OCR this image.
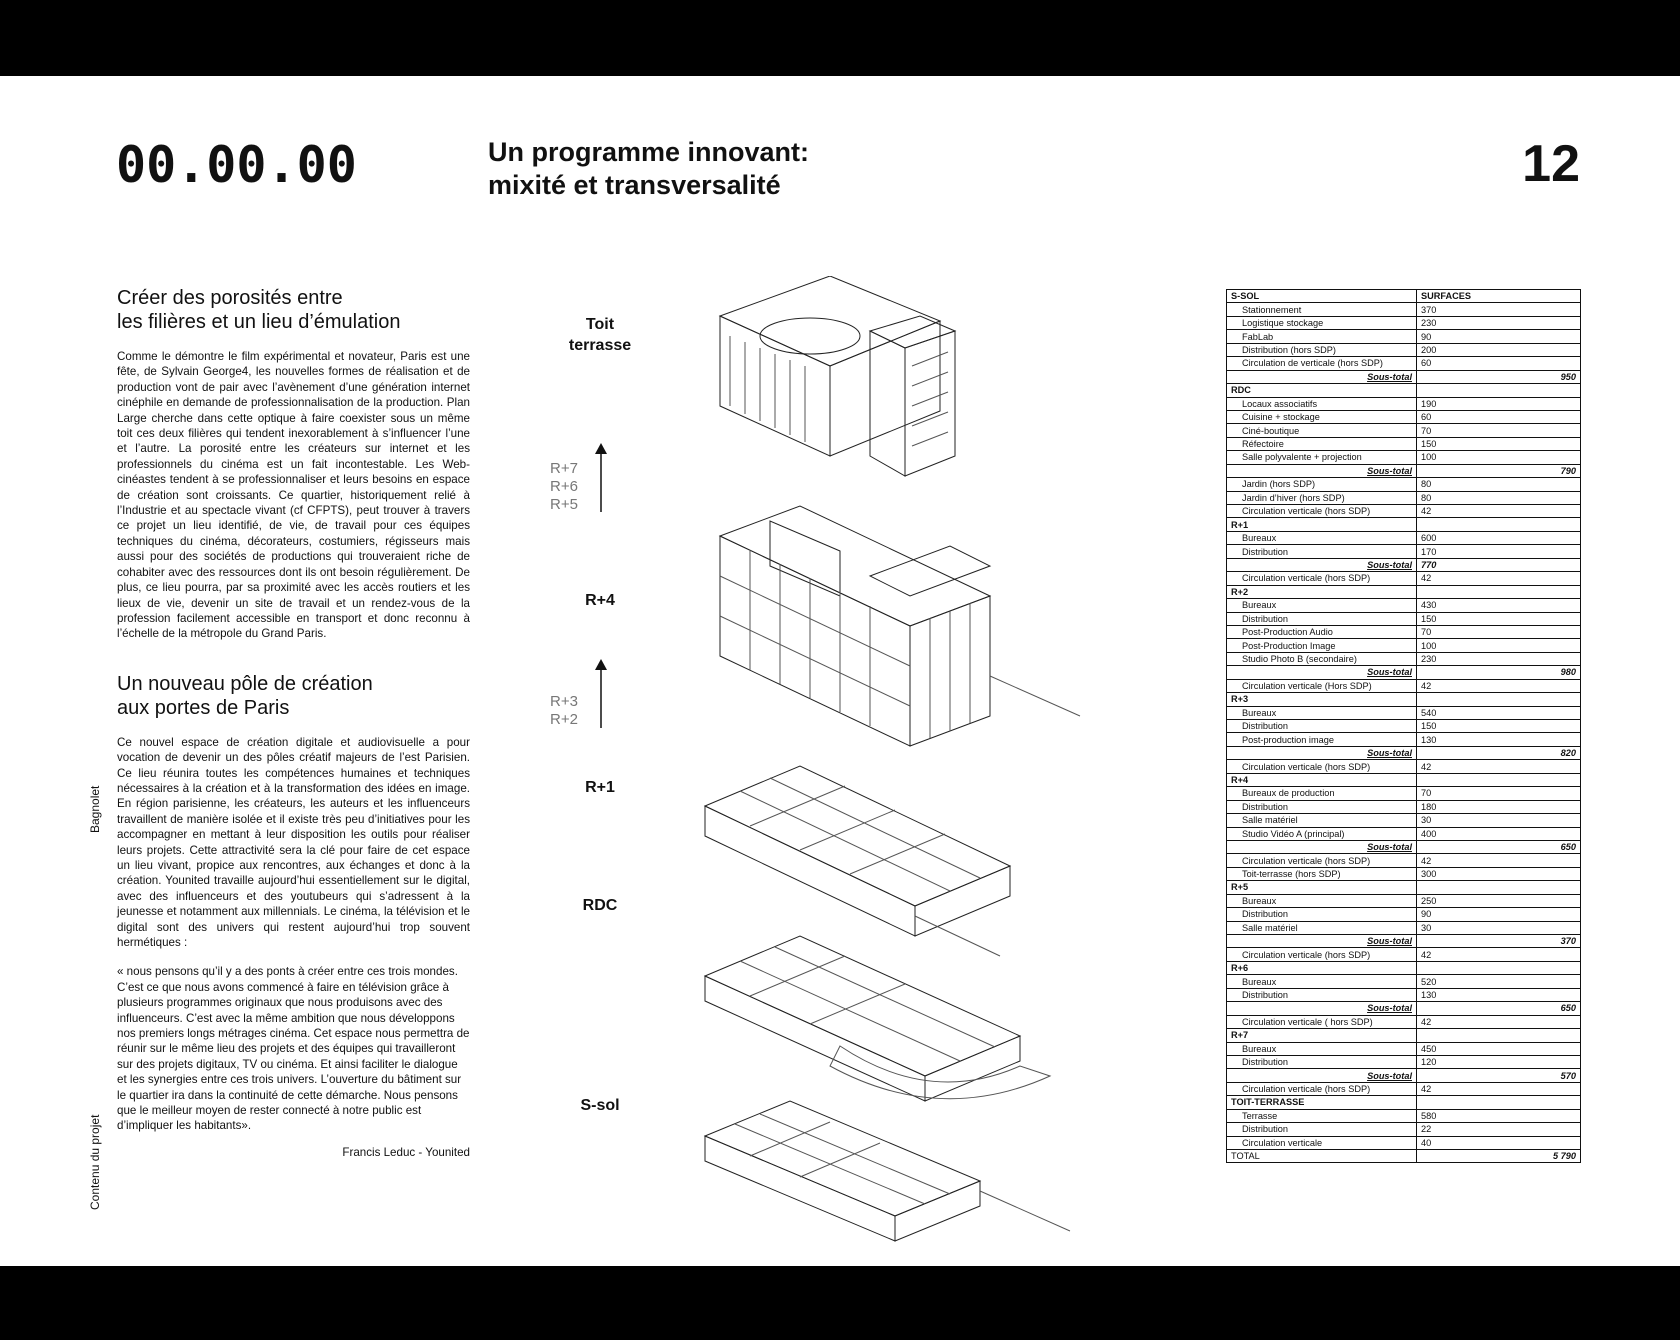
00.00.00	Un programme innovant:
mixité et transversalité	12
Bagnolet
Contenu du projet
Créer des porosités entre
les filières et un lieu d’émulation

Comme le démontre le film expérimental et novateur, Paris est une fête, de Sylvain George4, les nouvelles formes de réalisation et de production vont de pair avec l’avènement d’une génération internet cinéphile en demande de professionnalisation de la production. Plan Large cherche dans cette optique à faire coexister sous un même toit ces deux filières qui tendent inexorablement à s’influencer l’une et l’autre. La porosité entre les créateurs sur internet et les professionnels du cinéma est un fait incontestable. Les Web-cinéastes tendent à se professionnaliser et leurs besoins en espace de création sont croissants. Ce quartier, historiquement relié à l’Industrie et au spectacle vivant (cf CFPTS), peut trouver à travers ce projet un lieu identifié, de vie, de travail pour ces équipes techniques du cinéma, décorateurs, costumiers, régisseurs mais aussi pour des sociétés de productions qui trouveraient riche de cohabiter avec des ressources dont ils ont besoin régulièrement. De plus, ce lieu pourra, par sa proximité avec les accès routiers et les lieux de vie, devenir un site de travail et un rendez-vous de la profession facilement accessible en transport et donc reconnu à l’échelle de la métropole du Grand Paris.

Un nouveau pôle de création
aux portes de Paris

Ce nouvel espace de création digitale et audiovisuelle a pour vocation de devenir un des pôles créatif majeurs de l’est Parisien. Ce lieu réunira toutes les compétences humaines et techniques nécessaires à la création et à la transformation des idées en image. En région parisienne, les créateurs, les auteurs et les influenceurs travaillent de manière isolée et il existe très peu d’initiatives pour les accompagner en mettant à leur disposition les outils pour réaliser leurs projets. Cette attractivité sera la clé pour faire de cet espace un lieu vivant, propice aux rencontres, aux échanges et donc à la création. Younited travaille aujourd’hui essentiellement sur le digital, avec des influenceurs et des youtubeurs qui s’adressent à la jeunesse et notamment aux millennials. Le cinéma, la télévision et le digital sont des univers qui restent aujourd’hui trop souvent hermétiques :

« nous pensons qu’il y a des ponts à créer entre ces trois mondes. C’est ce que nous avons commencé à faire en télévision grâce à plusieurs programmes originaux que nous produisons avec des influenceurs. C’est avec la même ambition que nous développons nos premiers longs métrages cinéma. Cet espace nous permettra de réunir sur le même lieu des projets et des équipes qui travailleront sur des projets digitaux, TV ou cinéma. Et ainsi faciliter le dialogue et les synergies entre ces trois univers. L’ouverture du bâtiment sur le quartier ira dans la continuité de cette démarche. Nous pensons que le meilleur moyen de rester connecté à notre public est d’impliquer les habitants».

Francis Leduc - Younited
Toit
terrasse
R+7
R+6
R+5
R+4
R+3
R+2
R+1
RDC
S-sol
S-SOL	SURFACES
Stationnement	370
Logistique stockage	230
FabLab	90
Distribution (hors SDP)	200
Circulation de verticale (hors SDP)	60
Sous-total	950
RDC	
Locaux associatifs	190
Cuisine + stockage	60
Ciné-boutique	70
Réfectoire	150
Salle polyvalente + projection	100
Sous-total	790
Jardin (hors SDP)	80
Jardin d’hiver (hors SDP)	80
Circulation verticale (hors SDP)	42
R+1	
Bureaux	600
Distribution	170
Sous-total	770
Circulation verticale (hors SDP)	42
R+2	
Bureaux	430
Distribution	150
Post-Production Audio	70
Post-Production Image	100
Studio Photo B (secondaire)	230
Sous-total	980
Circulation verticale (Hors SDP)	42
R+3	
Bureaux	540
Distribution	150
Post-production image	130
Sous-total	820
Circulation verticale (hors SDP)	42
R+4	
Bureaux de production	70
Distribution	180
Salle matériel	30
Studio Vidéo A (principal)	400
Sous-total	650
Circulation verticale (hors SDP)	42
Toit-terrasse (hors SDP)	300
R+5	
Bureaux	250
Distribution	90
Salle matériel	30
Sous-total	370
Circulation verticale (hors SDP)	42
R+6	
Bureaux	520
Distribution	130
Sous-total	650
Circulation verticale ( hors SDP)	42
R+7	
Bureaux	450
Distribution	120
Sous-total	570
Circulation verticale (hors SDP)	42
TOIT-TERRASSE	
Terrasse	580
Distribution	22
Circulation verticale	40
TOTAL	5 790
